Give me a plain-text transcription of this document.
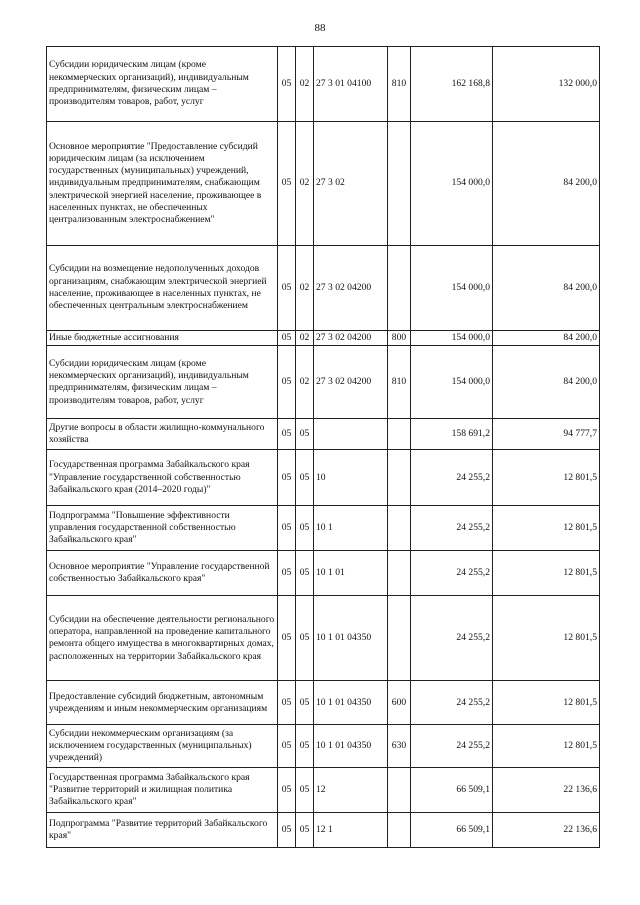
88
Субсидии юридическим лицам (кроме некоммерческих организаций), индивидуальным предпринимателям, физическим лицам – производителям товаров, работ, услуг	05	02	27 3 01 04100	810	162 168,8	132 000,0
Основное мероприятие "Предоставление субсидий юридическим лицам (за исключением государственных (муниципальных) учреждений, индивидуальным предпринимателям, снабжающим электрической энергией население, проживающее в населенных пунктах, не обеспеченных централизованным электроснабжением"	05	02	27 3 02		154 000,0	84 200,0
Субсидии на возмещение недополученных доходов организациям, снабжающим электрической энергией население, проживающее в населенных пунктах, не обеспеченных центральным электроснабжением	05	02	27 3 02 04200		154 000,0	84 200,0
Иные бюджетные ассигнования	05	02	27 3 02 04200	800	154 000,0	84 200,0
Субсидии юридическим лицам (кроме некоммерческих организаций), индивидуальным предпринимателям, физическим лицам – производителям товаров, работ, услуг	05	02	27 3 02 04200	810	154 000,0	84 200,0
Другие вопросы в области жилищно-коммунального хозяйства	05	05			158 691,2	94 777,7
Государственная программа Забайкальского края "Управление государственной собственностью Забайкальского края (2014–2020 годы)"	05	05	10		24 255,2	12 801,5
Подпрограмма "Повышение эффективности управления государственной собственностью Забайкальского края"	05	05	10 1		24 255,2	12 801,5
Основное мероприятие "Управление государственной собственностью Забайкальского края"	05	05	10 1 01		24 255,2	12 801,5
Субсидии на обеспечение деятельности регионального оператора, направленной на проведение капитального ремонта общего имущества в многоквартирных домах, расположенных на территории Забайкальского края	05	05	10 1 01 04350		24 255,2	12 801,5
Предоставление субсидий бюджетным, автономным учреждениям и иным некоммерческим организациям	05	05	10 1 01 04350	600	24 255,2	12 801,5
Субсидии некоммерческим организациям (за исключением государственных (муниципальных) учреждений)	05	05	10 1 01 04350	630	24 255,2	12 801,5
Государственная программа Забайкальского края "Развитие территорий и жилищная политика Забайкальского края"	05	05	12		66 509,1	22 136,6
Подпрограмма "Развитие территорий Забайкальского края"	05	05	12 1		66 509,1	22 136,6
